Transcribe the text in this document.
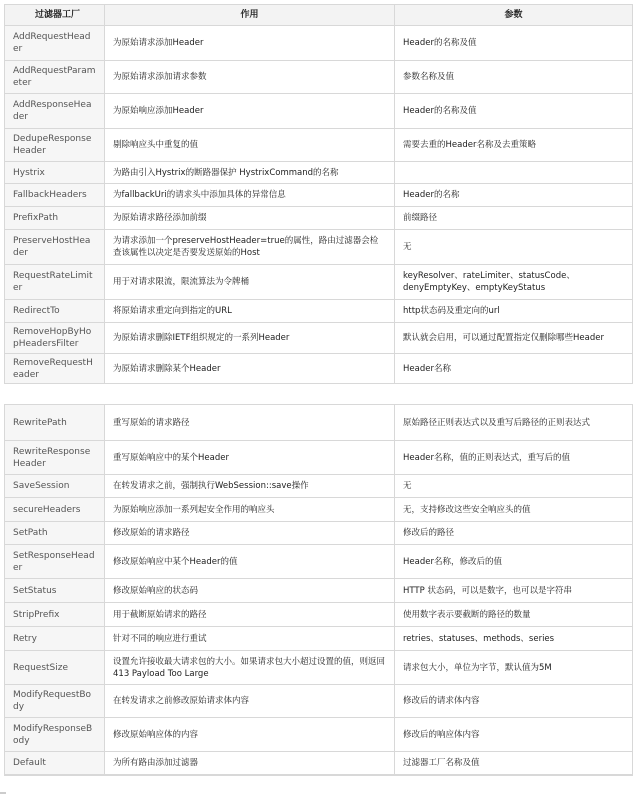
过滤器工厂	作用	参数
AddRequestHeader	为原始请求添加Header	Header的名称及值
AddRequestParameter	为原始请求添加请求参数	参数名称及值
AddResponseHeader	为原始响应添加Header	Header的名称及值
DedupeResponseHeader	剔除响应头中重复的值	需要去重的Header名称及去重策略
Hystrix	为路由引入Hystrix的断路器保护 HystrixCommand的名称	
FallbackHeaders	为fallbackUri的请求头中添加具体的异常信息	Header的名称
PrefixPath	为原始请求路径添加前缀	前缀路径
PreserveHostHeader	为请求添加一个preserveHostHeader=true的属性，路由过滤器会检查该属性以决定是否要发送原始的Host	无
RequestRateLimiter	用于对请求限流，限流算法为令牌桶	keyResolver、rateLimiter、statusCode、denyEmptyKey、emptyKeyStatus
RedirectTo	将原始请求重定向到指定的URL	http状态码及重定向的url
RemoveHopByHopHeadersFilter	为原始请求删除IETF组织规定的一系列Header	默认就会启用，可以通过配置指定仅删除哪些Header
RemoveRequestHeader	为原始请求删除某个Header	Header名称
RewritePath	重写原始的请求路径	原始路径正则表达式以及重写后路径的正则表达式
RewriteResponseHeader	重写原始响应中的某个Header	Header名称，值的正则表达式，重写后的值
SaveSession	在转发请求之前，强制执行WebSession::save操作	无
secureHeaders	为原始响应添加一系列起安全作用的响应头	无，支持修改这些安全响应头的值
SetPath	修改原始的请求路径	修改后的路径
SetResponseHeader	修改原始响应中某个Header的值	Header名称，修改后的值
SetStatus	修改原始响应的状态码	HTTP 状态码，可以是数字，也可以是字符串
StripPrefix	用于截断原始请求的路径	使用数字表示要截断的路径的数量
Retry	针对不同的响应进行重试	retries、statuses、methods、series
RequestSize	设置允许接收最大请求包的大小。如果请求包大小超过设置的值，则返回 413 Payload Too Large	请求包大小，单位为字节，默认值为5M
ModifyRequestBody	在转发请求之前修改原始请求体内容	修改后的请求体内容
ModifyResponseBody	修改原始响应体的内容	修改后的响应体内容
Default	为所有路由添加过滤器	过滤器工厂名称及值
